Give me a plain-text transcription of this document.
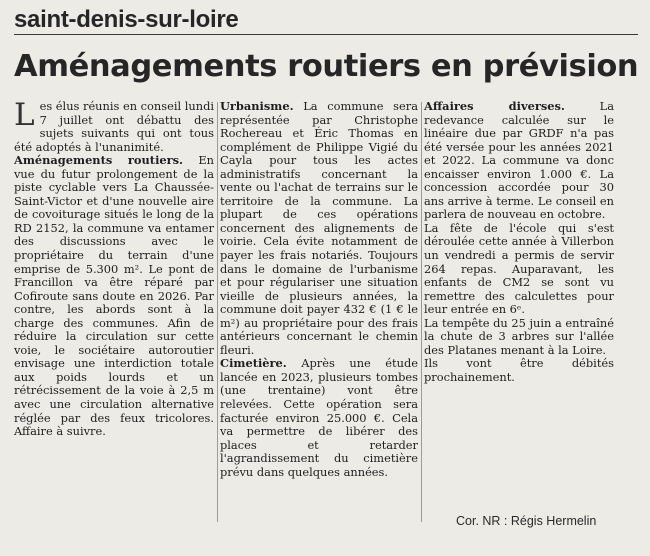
saint-denis-sur-loire
Aménagements routiers en prévision

Les élus réunis en conseil lundi 7 juillet ont débattu des sujets suivants qui ont tous été adoptés à l'unanimité.

Aménagements routiers. En vue du futur prolongement de la piste cyclable vers La Chaussée-Saint-Victor et d'une nouvelle aire de covoiturage situés le long de la RD 2152, la commune va entamer des discussions avec le propriétaire du terrain d'une emprise de 5.300 m². Le pont de Francillon va être réparé par Cofiroute sans doute en 2026. Par contre, les abords sont à la charge des communes. Afin de réduire la circulation sur cette voie, le sociétaire autoroutier envisage une interdiction totale aux poids lourds et un rétrécissement de la voie à 2,5 m avec une circulation alternative réglée par des feux tricolores. Affaire à suivre.

Urbanisme. La commune sera représentée par Christophe Rochereau et Éric Thomas en complément de Philippe Vigié du Cayla pour tous les actes administratifs concernant la vente ou l'achat de terrains sur le territoire de la commune. La plupart de ces opérations concernent des alignements de voirie. Cela évite notamment de payer les frais notariés. Toujours dans le domaine de l'urbanisme et pour régulariser une situation vieille de plusieurs années, la commune doit payer 432 € (1 € le m²) au propriétaire pour des frais antérieurs concernant le chemin fleuri.

Cimetière. Après une étude lancée en 2023, plusieurs tombes (une trentaine) vont être relevées. Cette opération sera facturée environ 25.000 €. Cela va permettre de libérer des places et retarder l'agrandissement du cimetière prévu dans quelques années.

Affaires diverses. La redevance calculée sur le linéaire due par GRDF n'a pas été versée pour les années 2021 et 2022. La commune va donc encaisser environ 1.000 €. La concession accordée pour 30 ans arrive à terme. Le conseil en parlera de nouveau en octobre.

La fête de l'école qui s'est déroulée cette année à Villerbon un vendredi a permis de servir 264 repas. Auparavant, les enfants de CM2 se sont vu remettre des calculettes pour leur entrée en 6ᵉ.

La tempête du 25 juin a entraîné la chute de 3 arbres sur l'allée des Platanes menant à la Loire.

Ils vont être débités prochainement.

Cor. NR : Régis Hermelin
